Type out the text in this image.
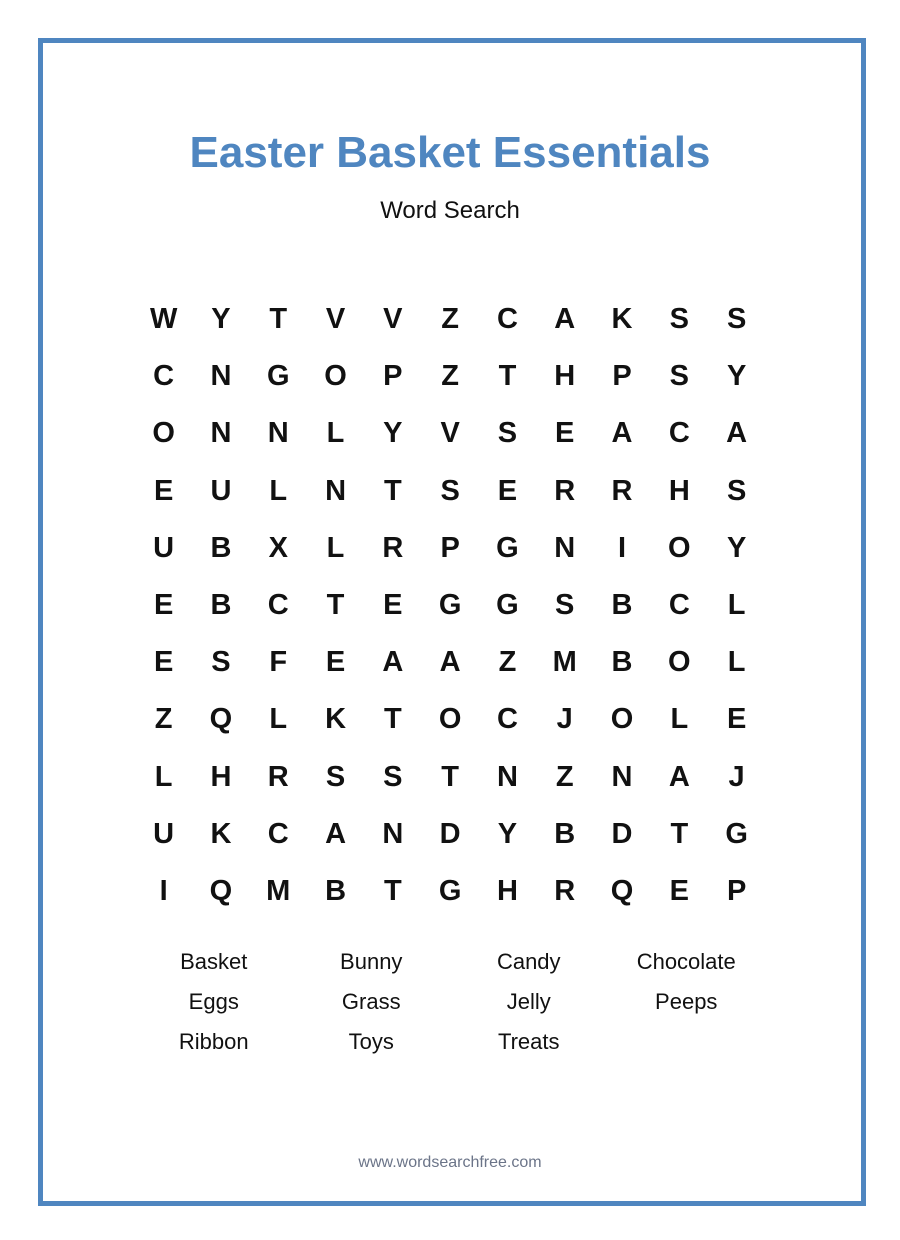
Easter Basket Essentials
Word Search
W	Y	T	V	V	Z	C	A	K	S	S
C	N	G	O	P	Z	T	H	P	S	Y
O	N	N	L	Y	V	S	E	A	C	A
E	U	L	N	T	S	E	R	R	H	S
U	B	X	L	R	P	G	N	I	O	Y
E	B	C	T	E	G	G	S	B	C	L
E	S	F	E	A	A	Z	M	B	O	L
Z	Q	L	K	T	O	C	J	O	L	E
L	H	R	S	S	T	N	Z	N	A	J
U	K	C	A	N	D	Y	B	D	T	G
I	Q	M	B	T	G	H	R	Q	E	P
Basket	Bunny	Candy	Chocolate
Eggs	Grass	Jelly	Peeps
Ribbon	Toys	Treats
www.wordsearchfree.com
